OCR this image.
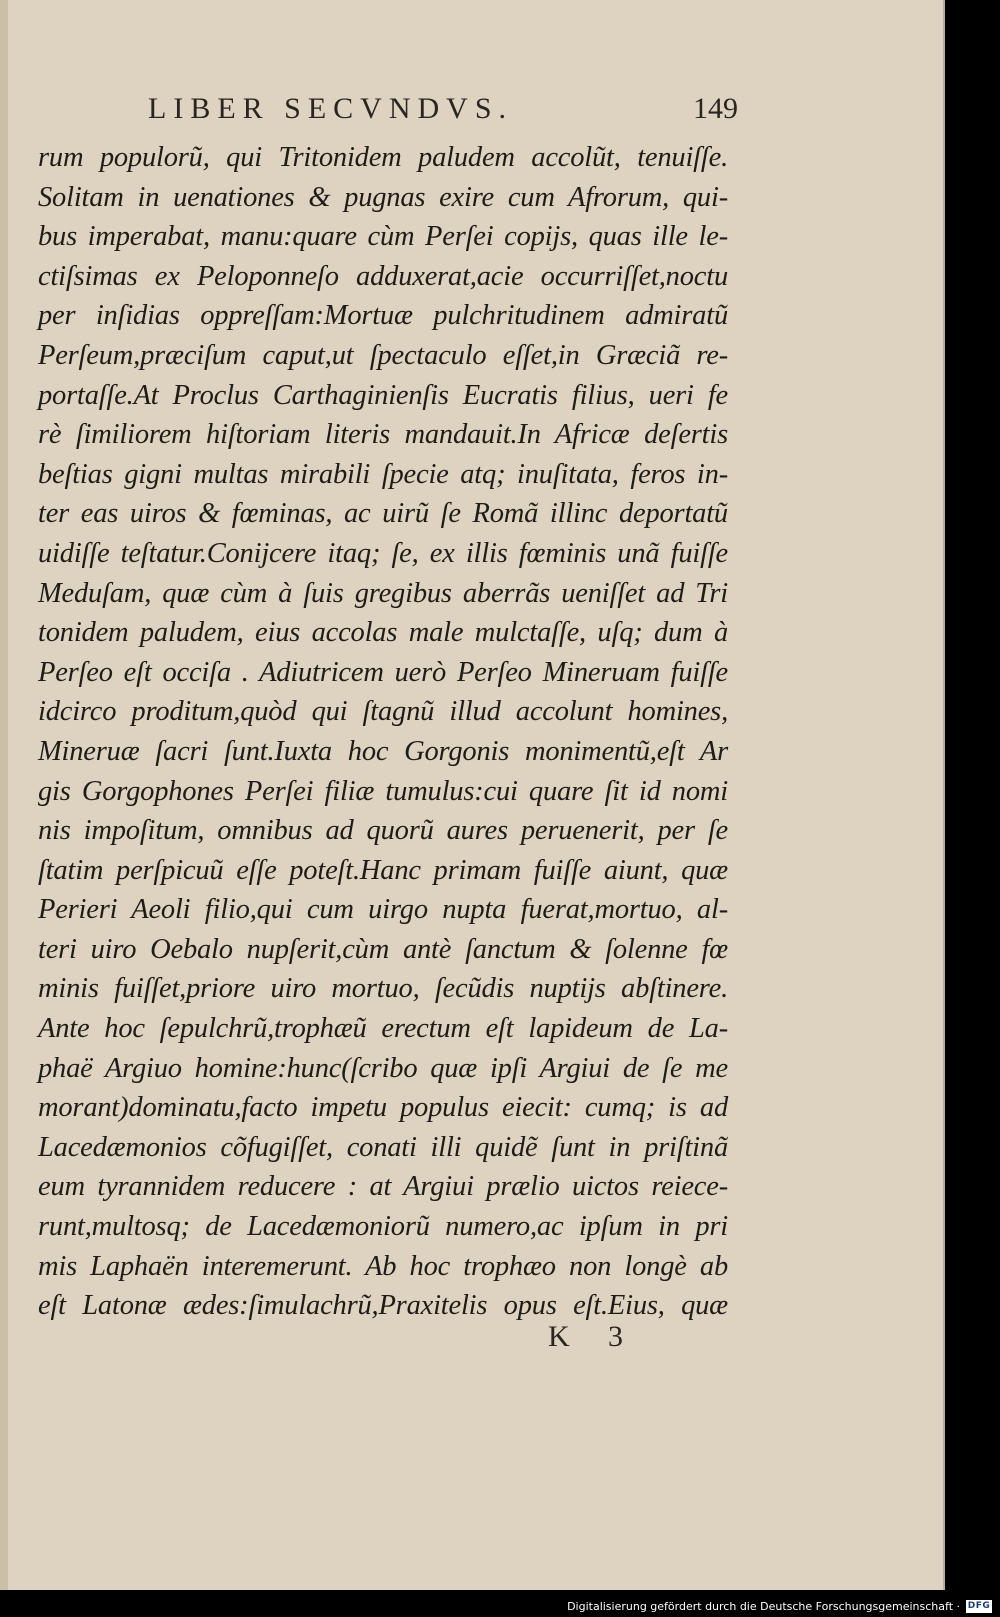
LIBER SECVNDVS.	149
rum populorũ, qui Tritonidem paludem accolũt, tenuiſſe.
Solitam in uenationes & pugnas exire cum Afrorum, qui-
bus imperabat, manu:quare cùm Perſei copijs, quas ille le-
ctiſsimas ex Peloponneſo adduxerat,acie occurriſſet,noctu
per inſidias oppreſſam:Mortuæ pulchritudinem admiratũ
Perſeum,præciſum caput,ut ſpectaculo eſſet,in Græciã re-
portaſſe.At Proclus Carthaginienſis Eucratis filius, ueri fe
rè ſimiliorem hiſtoriam literis mandauit.In Africæ deſertis
beſtias gigni multas mirabili ſpecie atq; inuſitata, feros in-
ter eas uiros & fœminas, ac uirũ ſe Romã illinc deportatũ
uidiſſe teſtatur.Conijcere itaq; ſe, ex illis fœminis unã fuiſſe
Meduſam, quæ cùm à ſuis gregibus aberrãs ueniſſet ad Tri
tonidem paludem, eius accolas male mulctaſſe, uſq; dum à
Perſeo eſt occiſa . Adiutricem uerò Perſeo Mineruam fuiſſe
idcirco proditum,quòd qui ſtagnũ illud accolunt homines,
Mineruæ ſacri ſunt.Iuxta hoc Gorgonis monimentũ,eſt Ar
gis Gorgophones Perſei filiæ tumulus:cui quare ſit id nomi
nis impoſitum, omnibus ad quorũ aures peruenerit, per ſe
ſtatim perſpicuũ eſſe poteſt.Hanc primam fuiſſe aiunt, quæ
Perieri Aeoli filio,qui cum uirgo nupta fuerat,mortuo, al-
teri uiro Oebalo nupſerit,cùm antè ſanctum & ſolenne fœ
minis fuiſſet,priore uiro mortuo, ſecũdis nuptijs abſtinere.
Ante hoc ſepulchrũ,trophæũ erectum eſt lapideum de La-
phaë Argiuo homine:hunc(ſcribo quæ ipſi Argiui de ſe me
morant)dominatu,facto impetu populus eiecit: cumq; is ad
Lacedæmonios cõfugiſſet, conati illi quidẽ ſunt in priſtinã
eum tyrannidem reducere : at Argiui prælio uictos reiece-
runt,multosq; de Lacedæmoniorũ numero,ac ipſum in pri
mis Laphaën interemerunt. Ab hoc trophæo non longè ab
eſt Latonæ ædes:ſimulachrũ,Praxitelis opus eſt.Eius, quæ
K 3
Digitalisierung gefördert durch die Deutsche Forschungsgemeinschaft · DFG
